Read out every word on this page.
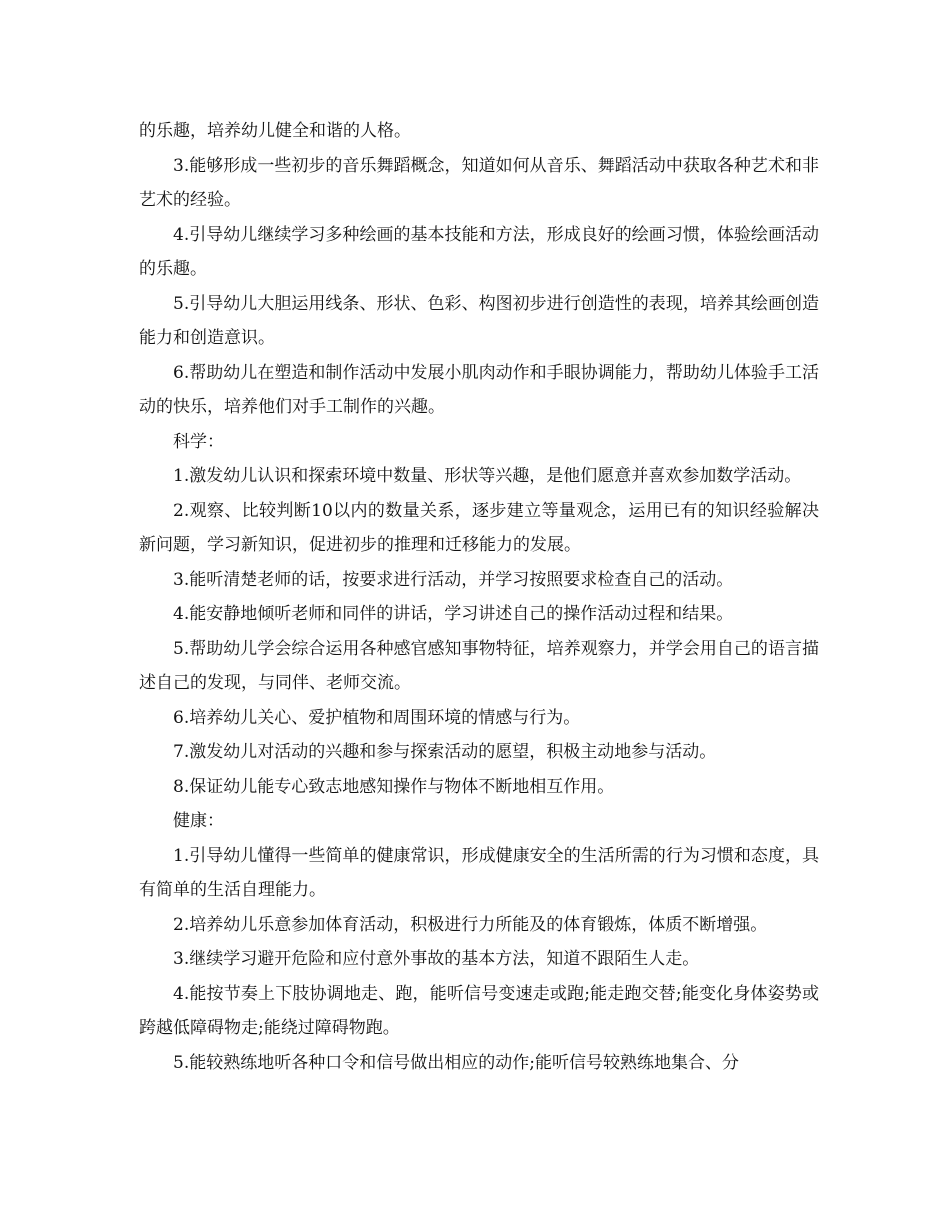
的乐趣，培养幼儿健全和谐的人格。

3.能够形成一些初步的音乐舞蹈概念，知道如何从音乐、舞蹈活动中获取各种艺术和非艺术的经验。

4.引导幼儿继续学习多种绘画的基本技能和方法，形成良好的绘画习惯，体验绘画活动的乐趣。

5.引导幼儿大胆运用线条、形状、色彩、构图初步进行创造性的表现，培养其绘画创造能力和创造意识。

6.帮助幼儿在塑造和制作活动中发展小肌肉动作和手眼协调能力，帮助幼儿体验手工活动的快乐，培养他们对手工制作的兴趣。

科学：

1.激发幼儿认识和探索环境中数量、形状等兴趣，是他们愿意并喜欢参加数学活动。

2.观察、比较判断10以内的数量关系，逐步建立等量观念，运用已有的知识经验解决新问题，学习新知识，促进初步的推理和迁移能力的发展。

3.能听清楚老师的话，按要求进行活动，并学习按照要求检查自己的活动。

4.能安静地倾听老师和同伴的讲话，学习讲述自己的操作活动过程和结果。

5.帮助幼儿学会综合运用各种感官感知事物特征，培养观察力，并学会用自己的语言描述自己的发现，与同伴、老师交流。

6.培养幼儿关心、爱护植物和周围环境的情感与行为。

7.激发幼儿对活动的兴趣和参与探索活动的愿望，积极主动地参与活动。

8.保证幼儿能专心致志地感知操作与物体不断地相互作用。

健康：

1.引导幼儿懂得一些简单的健康常识，形成健康安全的生活所需的行为习惯和态度，具有简单的生活自理能力。

2.培养幼儿乐意参加体育活动，积极进行力所能及的体育锻炼，体质不断增强。

3.继续学习避开危险和应付意外事故的基本方法，知道不跟陌生人走。

4.能按节奏上下肢协调地走、跑，能听信号变速走或跑;能走跑交替;能变化身体姿势或跨越低障碍物走;能绕过障碍物跑。

5.能较熟练地听各种口令和信号做出相应的动作;能听信号较熟练地集合、分
